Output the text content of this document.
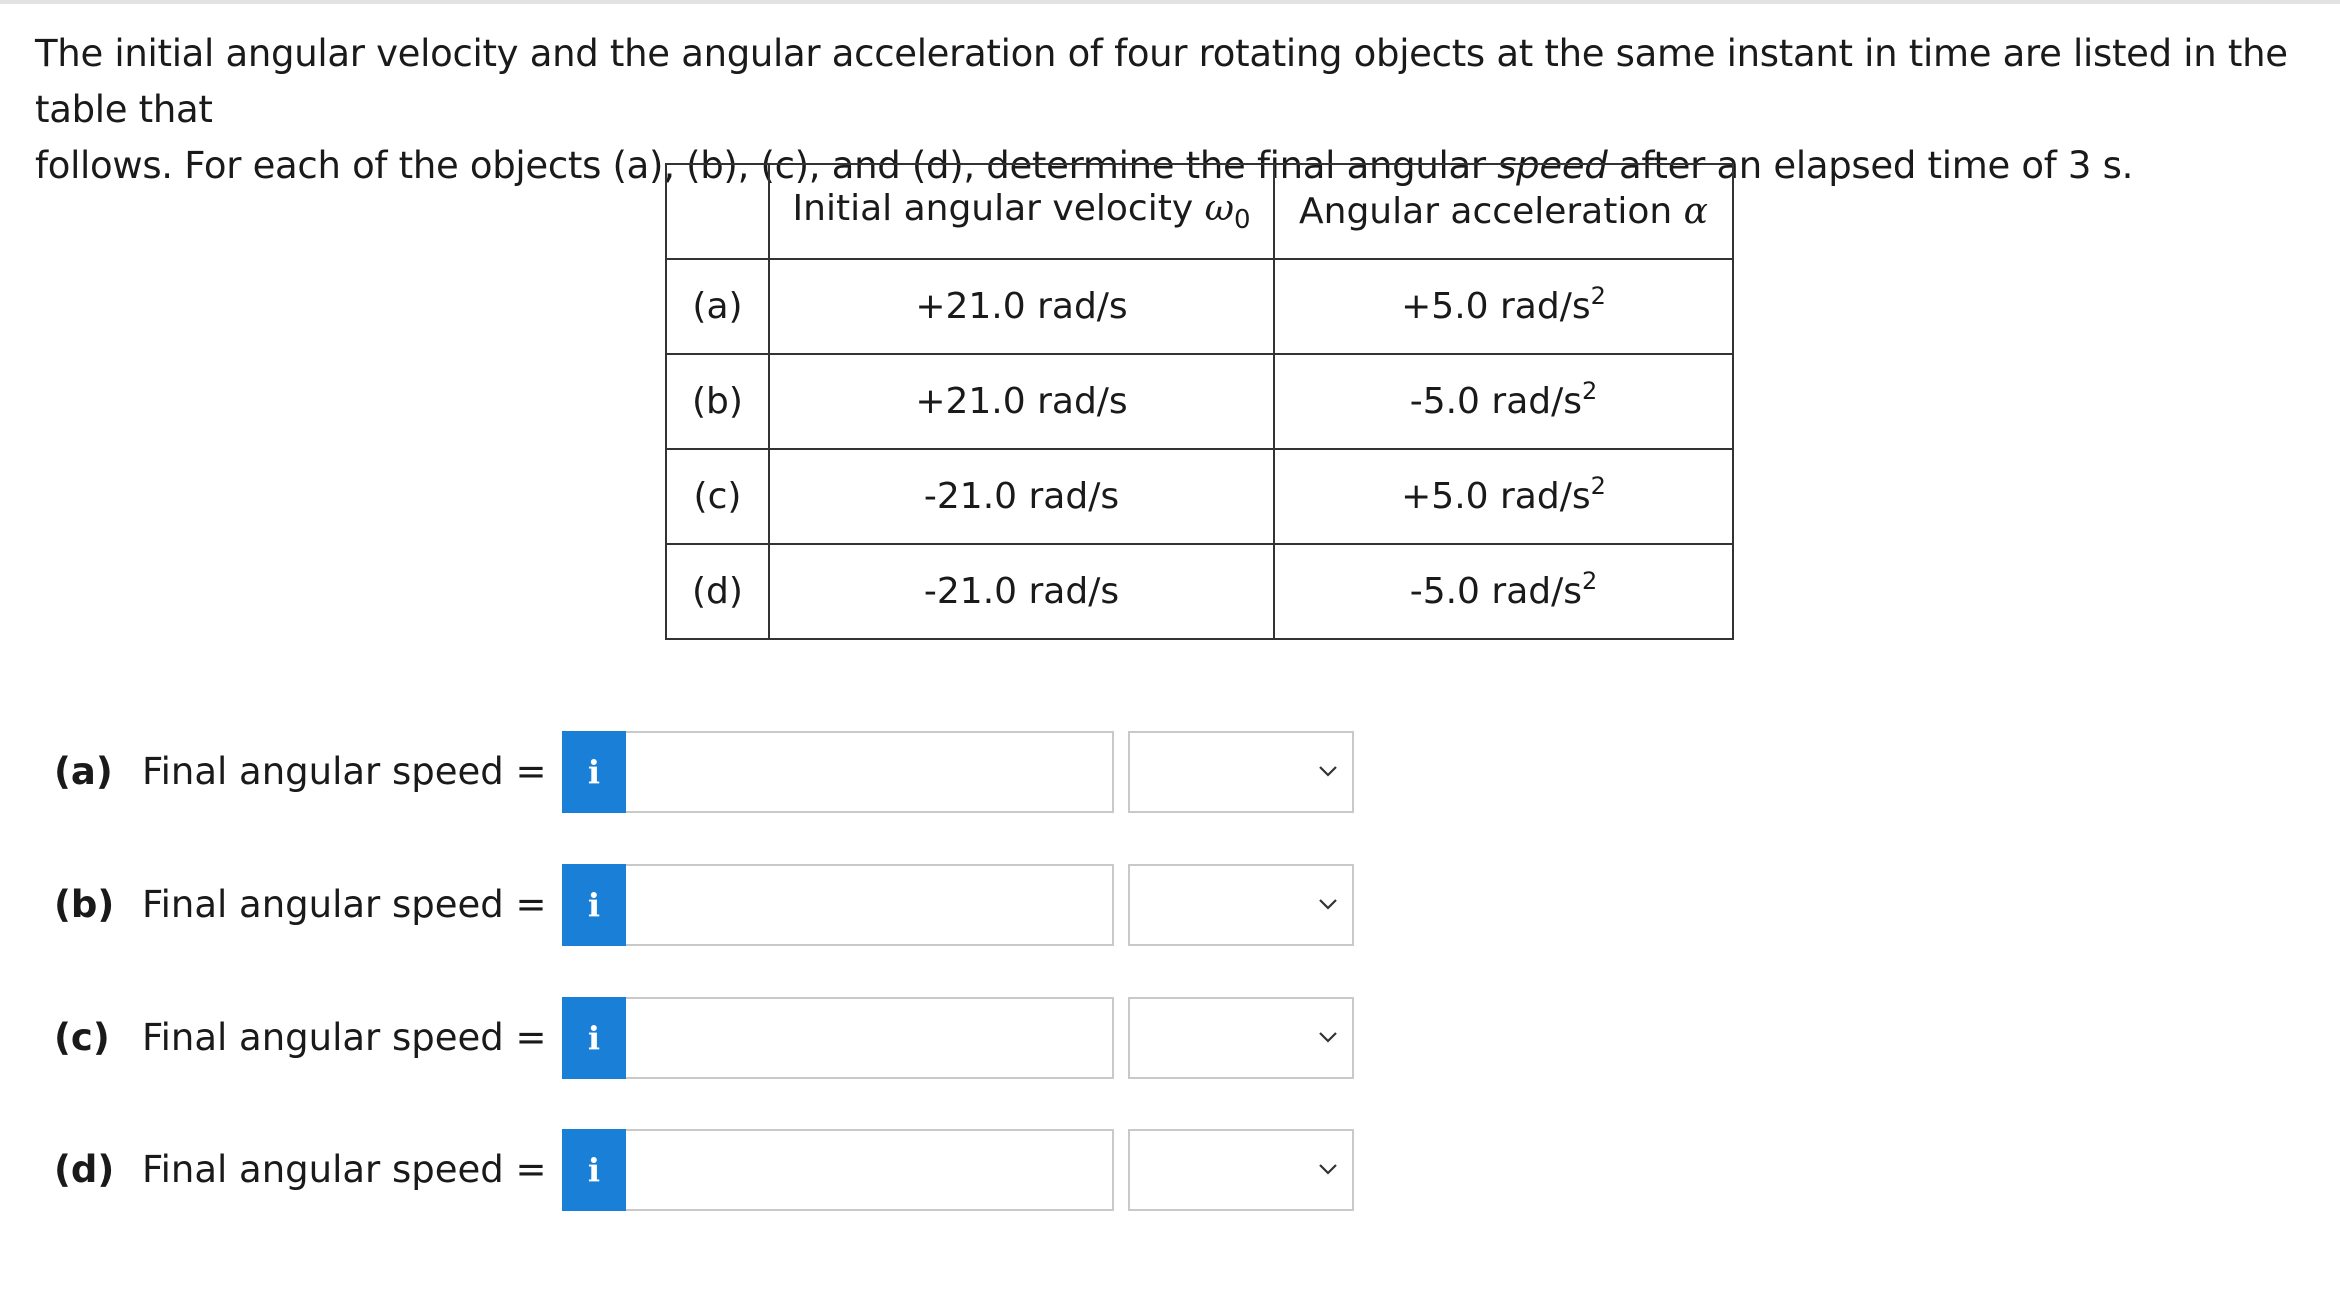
The initial angular velocity and the angular acceleration of four rotating objects at the same instant in time are listed in the table that
follows. For each of the objects (a), (b), (c), and (d), determine the final angular speed after an elapsed time of 3 s.
	Initial angular velocity $\omega_0$	Angular acceleration α
(a)	+21.0 rad/s	+5.0 rad/$s^2$
(b)	+21.0 rad/s	-5.0 rad/$s^2$
(c)	-21.0 rad/s	+5.0 rad/$s^2$
(d)	-21.0 rad/s	-5.0 rad/$s^2$
(a) Final angular speed =	i
(b) Final angular speed =	i
(c) Final angular speed =	i
(d) Final angular speed =	i
